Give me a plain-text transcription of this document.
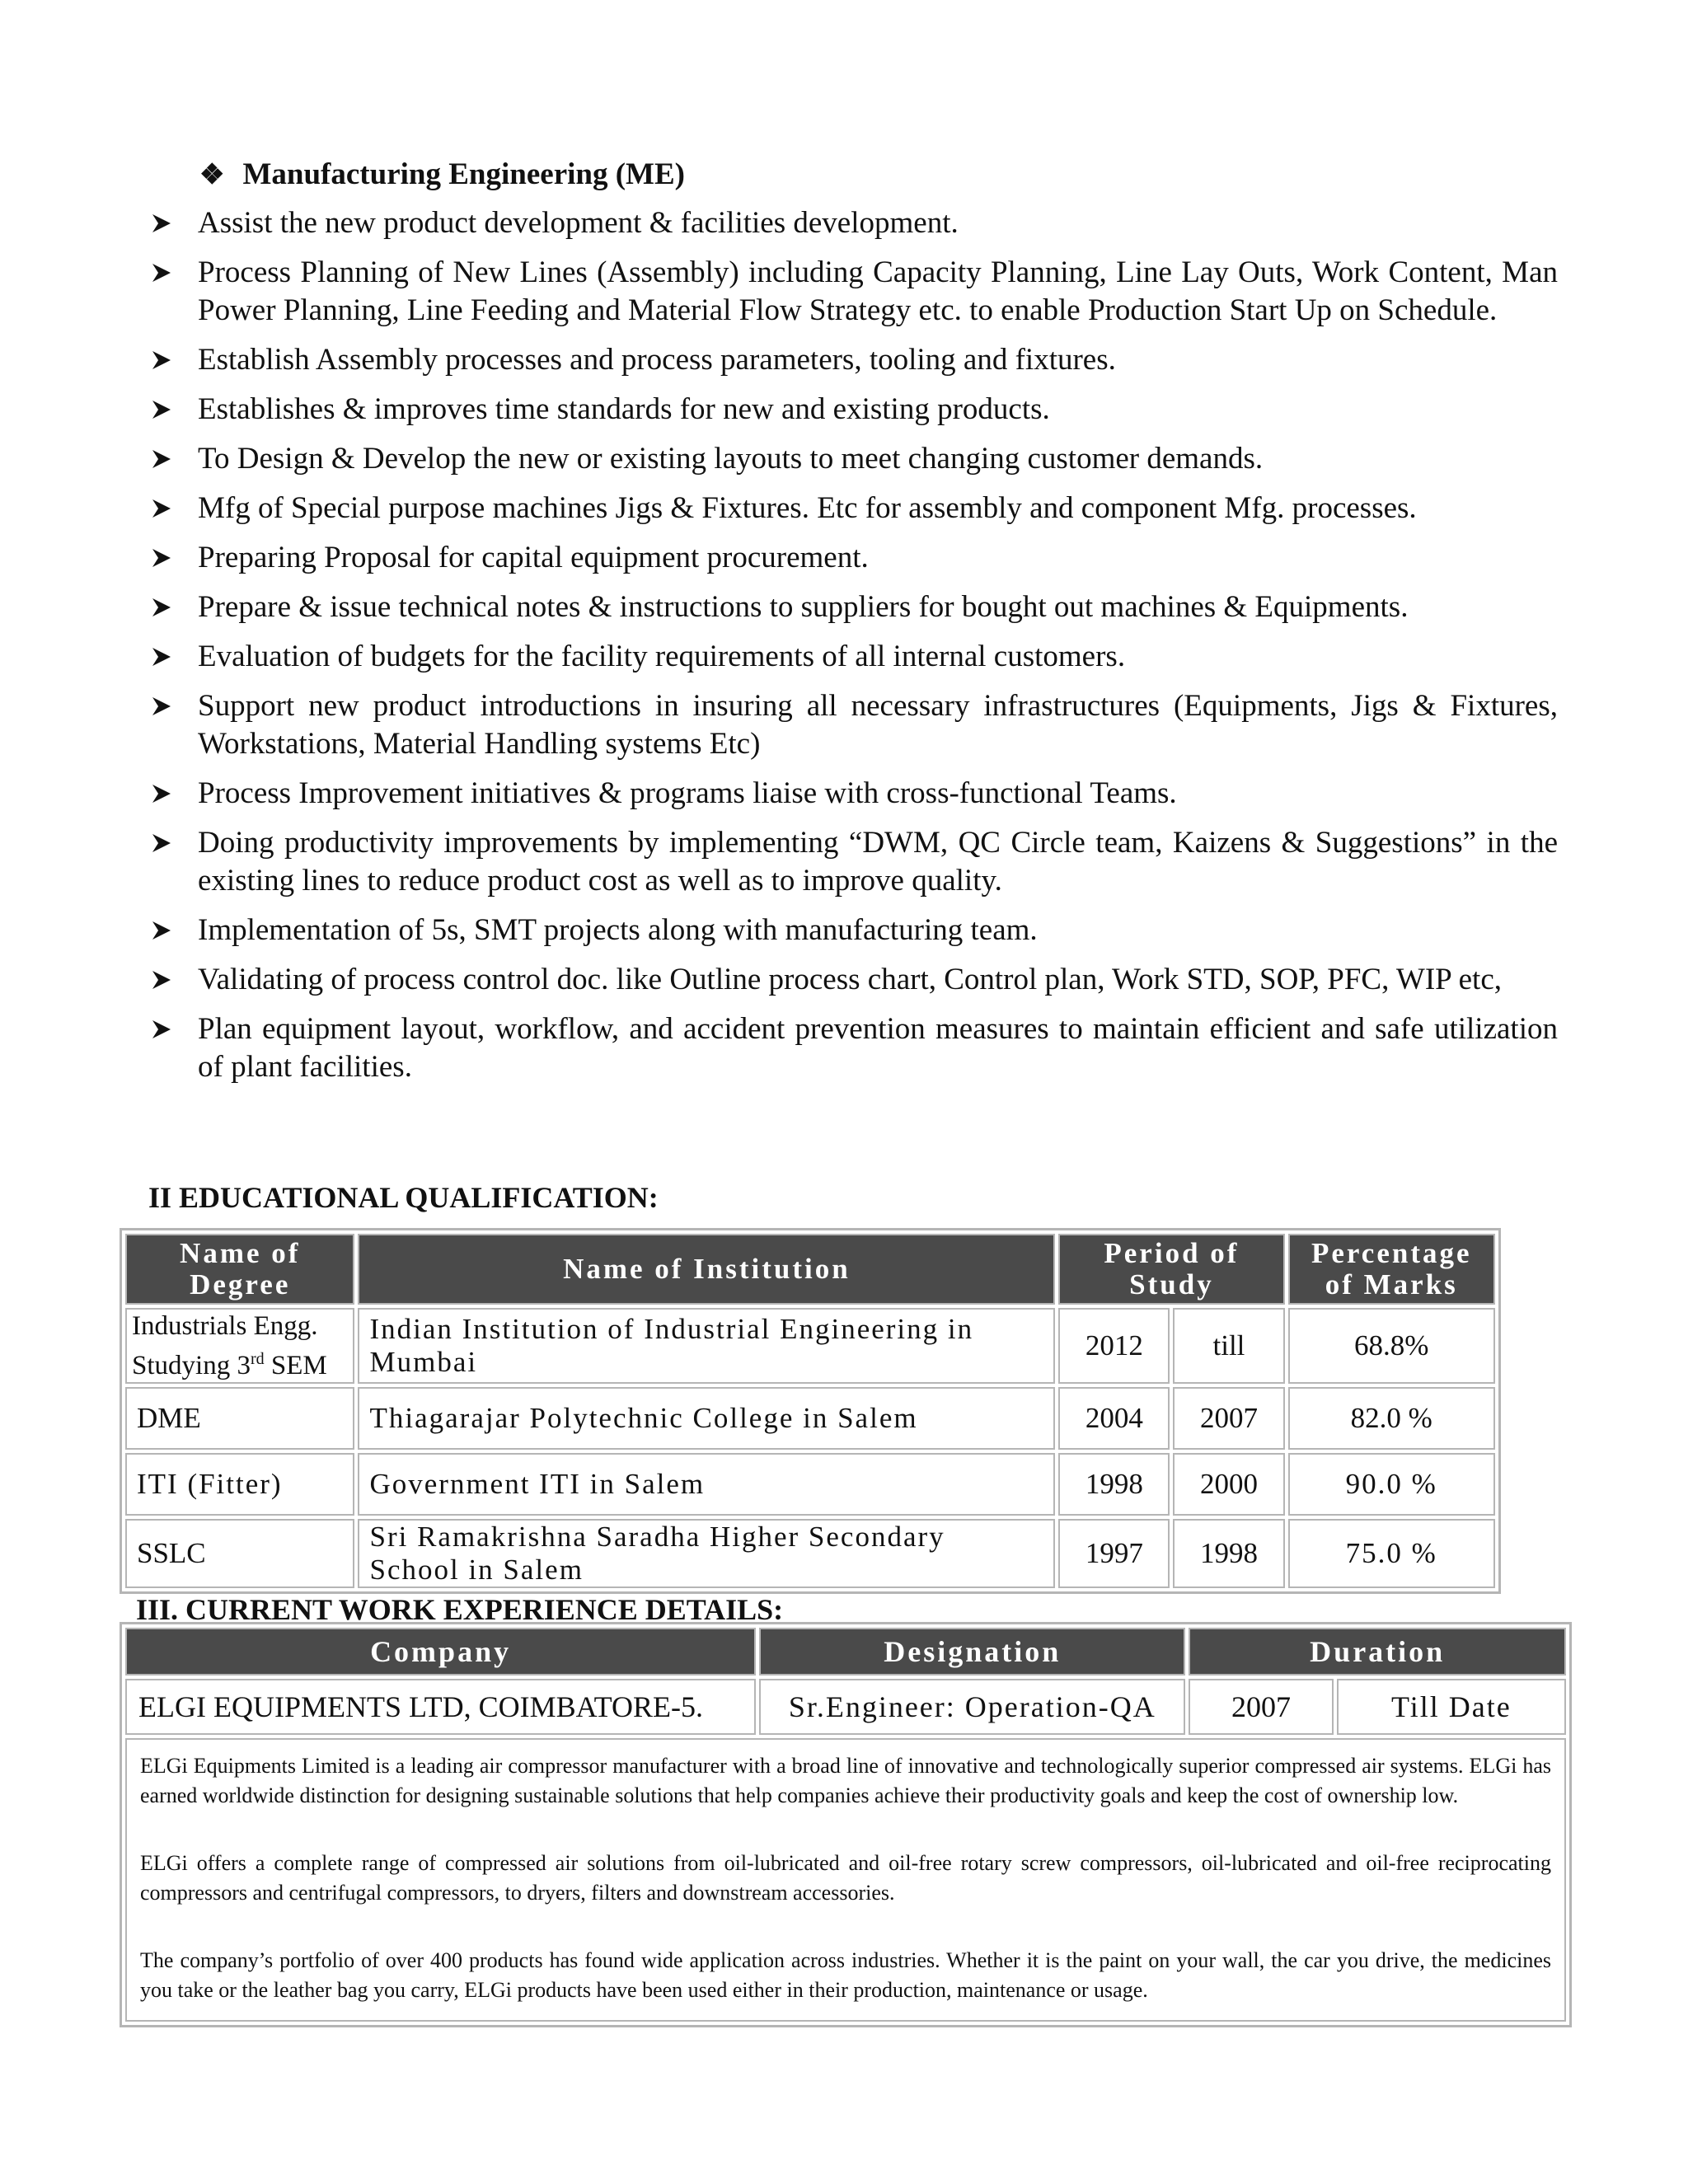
❖ Manufacturing Engineering (ME)
Assist the new product development & facilities development.
Process Planning of New Lines (Assembly) including Capacity Planning, Line Lay Outs, Work Content, Man Power Planning, Line Feeding and Material Flow Strategy etc. to enable Production Start Up on Schedule.
Establish Assembly processes and process parameters, tooling and fixtures.
Establishes & improves time standards for new and existing products.
To Design & Develop the new or existing layouts to meet changing customer demands.
Mfg of Special purpose machines Jigs & Fixtures. Etc for assembly and component Mfg. processes.
Preparing Proposal for capital equipment procurement.
Prepare & issue technical notes & instructions to suppliers for bought out machines & Equipments.
Evaluation of budgets for the facility requirements of all internal customers.
Support new product introductions in insuring all necessary infrastructures (Equipments, Jigs & Fixtures, Workstations, Material Handling systems Etc)
Process Improvement initiatives & programs liaise with cross-functional Teams.
Doing productivity improvements by implementing “DWM, QC Circle team, Kaizens & Suggestions” in the existing lines to reduce product cost as well as to improve quality.
Implementation of 5s, SMT projects along with manufacturing team.
Validating of process control doc. like Outline process chart, Control plan, Work STD, SOP, PFC, WIP etc,
Plan equipment layout, workflow, and accident prevention measures to maintain efficient and safe utilization of plant facilities.
II EDUCATIONAL QUALIFICATION:
Name of Degree	Name of Institution	Period of Study		Percentage of Marks
Industrials Engg.
Studying 3rd SEM	Indian Institution of Industrial Engineering in Mumbai	2012	till	68.8%
DME	Thiagarajar Polytechnic College in Salem	2004	2007	82.0 %
ITI (Fitter)	Government ITI in Salem	1998	2000	90.0 %
SSLC	Sri Ramakrishna Saradha Higher Secondary School in Salem	1997	1998	75.0 %
III. CURRENT WORK EXPERIENCE DETAILS:
Company	Designation	Duration	
ELGI EQUIPMENTS LTD, COIMBATORE-5.	Sr.Engineer: Operation-QA	2007	Till Date

ELGi Equipments Limited is a leading air compressor manufacturer with a broad line of innovative and technologically superior compressed air systems. ELGi has earned worldwide distinction for designing sustainable solutions that help companies achieve their productivity goals and keep the cost of ownership low.

ELGi offers a complete range of compressed air solutions from oil-lubricated and oil-free rotary screw compressors, oil-lubricated and oil-free reciprocating compressors and centrifugal compressors, to dryers, filters and downstream accessories.

The company’s portfolio of over 400 products has found wide application across industries. Whether it is the paint on your wall, the car you drive, the medicines you take or the leather bag you carry, ELGi products have been used either in their production, maintenance or usage.			
